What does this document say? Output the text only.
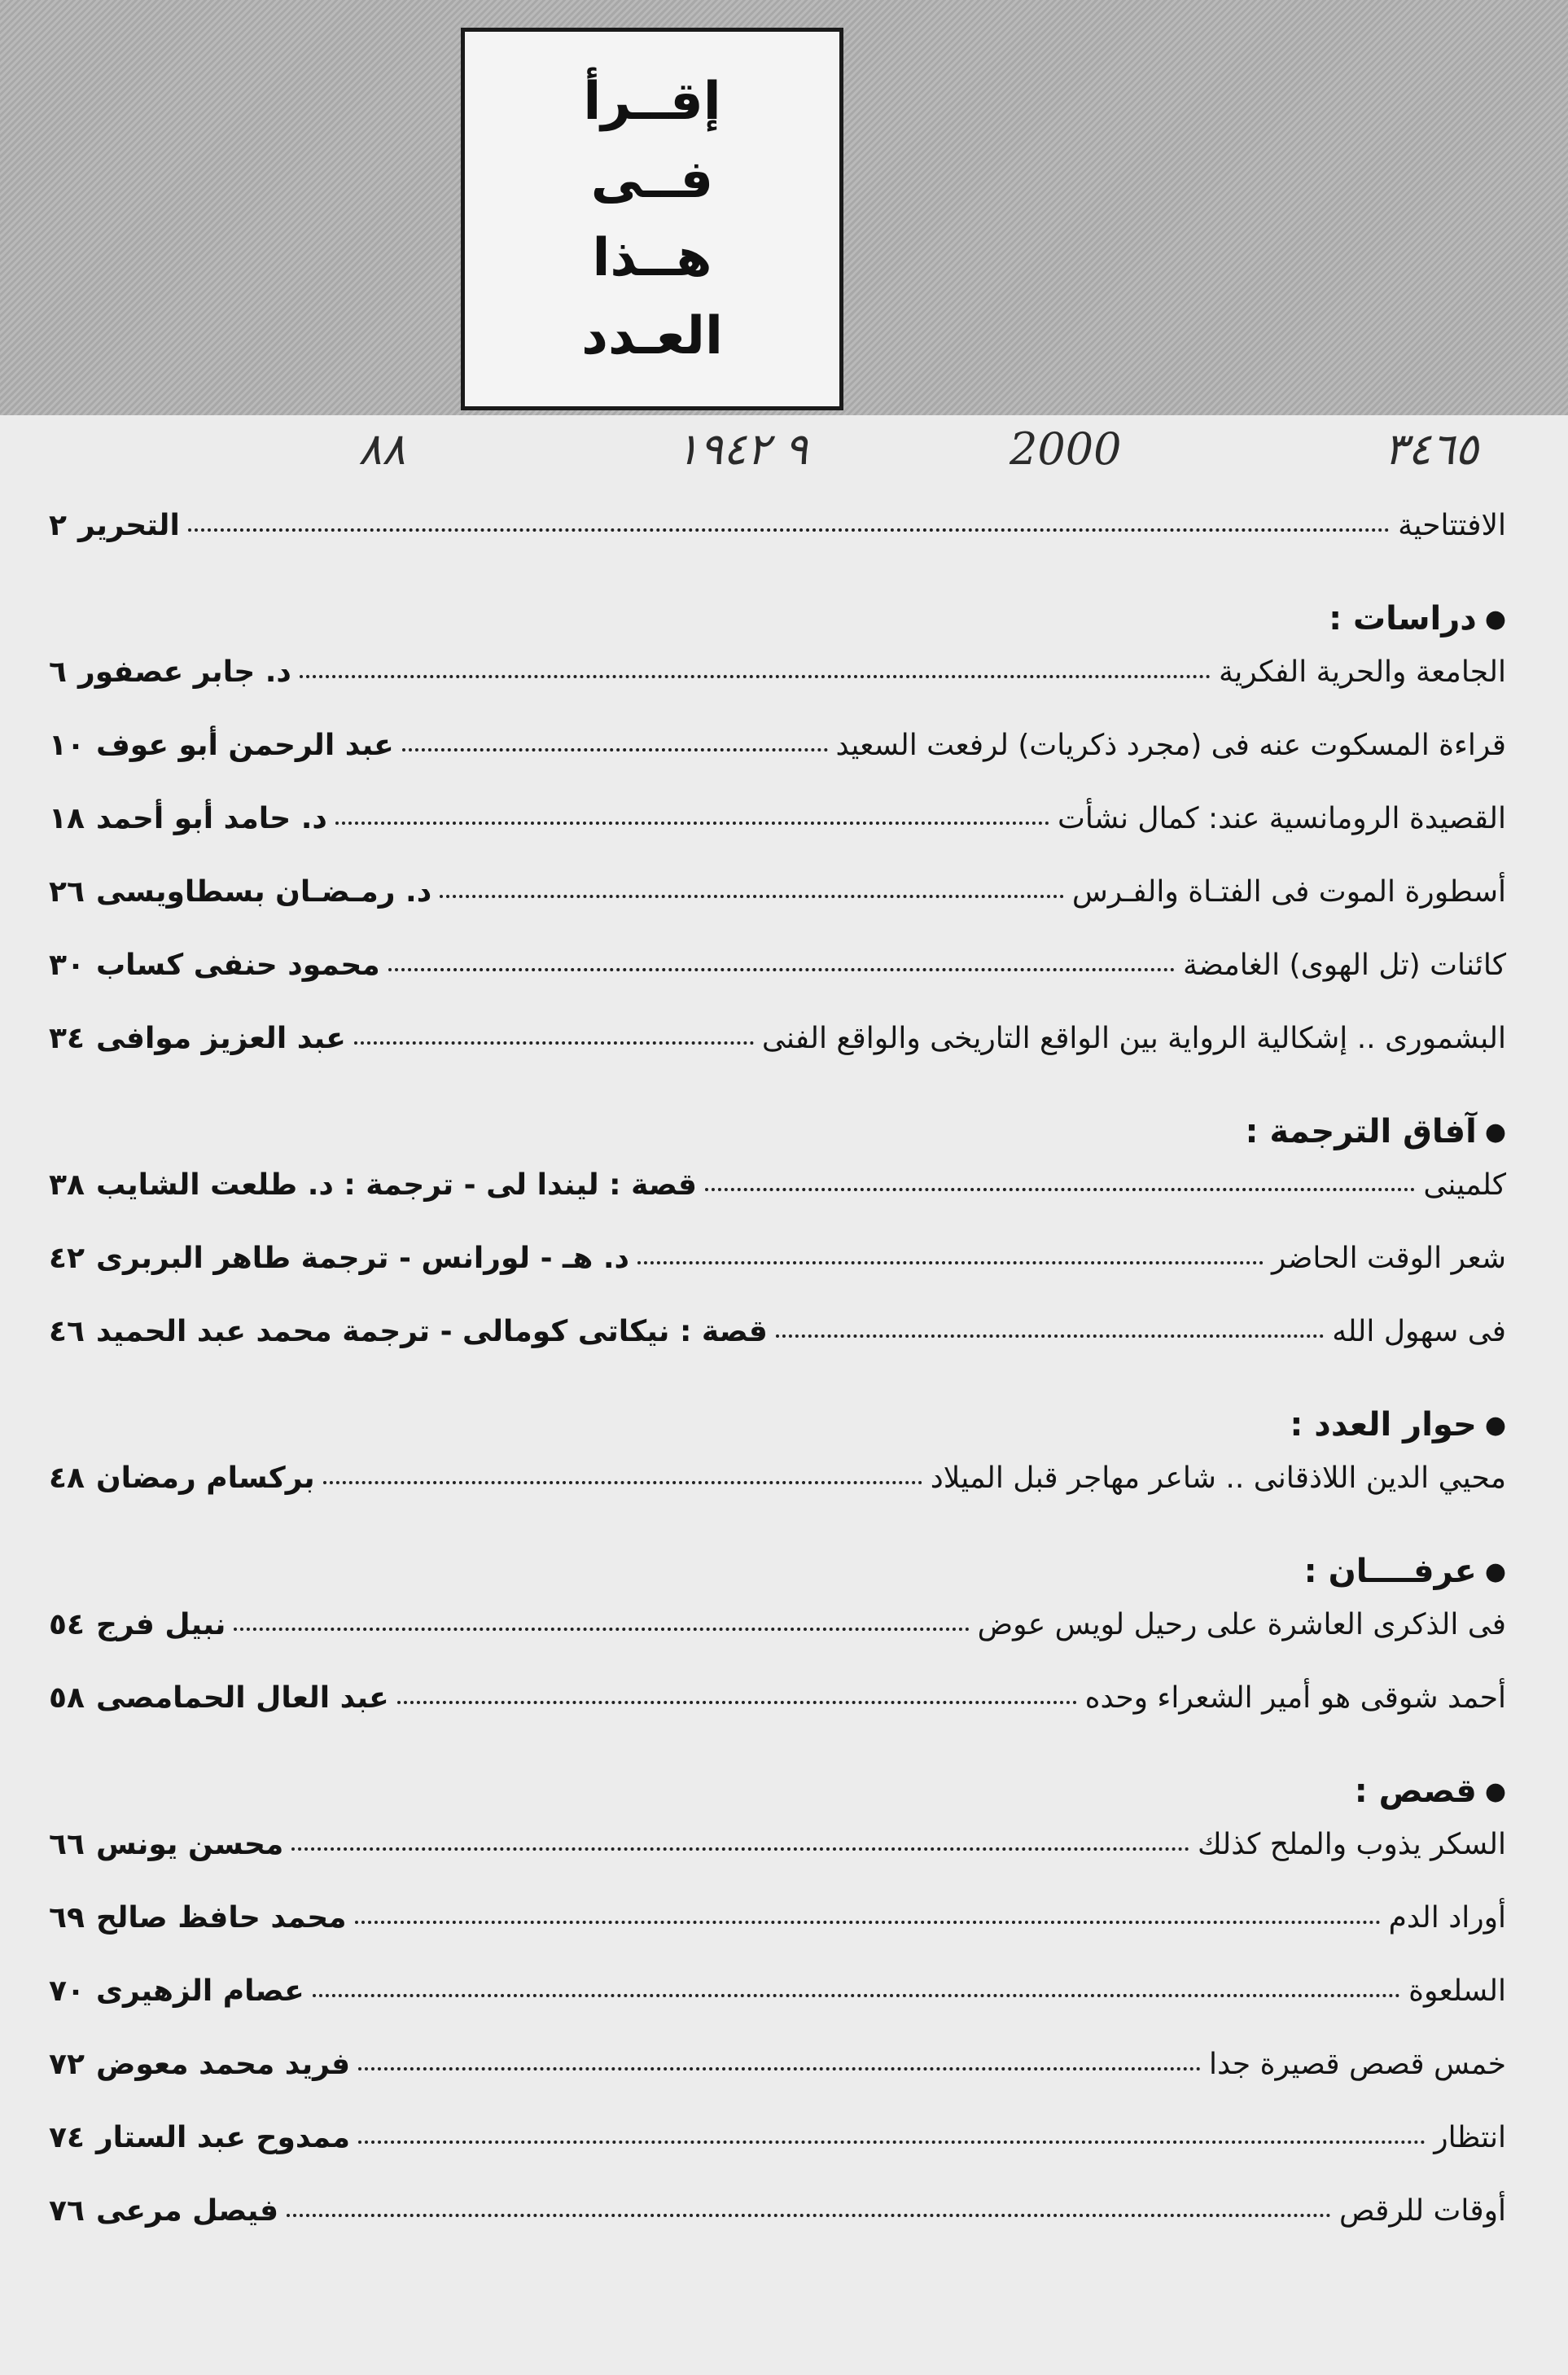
إقــرأ
فــى
هــذا
العـدد
٣٤٦٥
2000
٩ ١٩٤٢
٨٨
الافتتاحية
التحرير
٢
●
دراسات :
الجامعة والحرية الفكرية
د. جابر عصفور
٦
قراءة المسكوت عنه فى (مجرد ذكريات) لرفعت السعيد
عبد الرحمن أبو عوف
١٠
القصيدة الرومانسية عند: كمال نشأت
د. حامد أبو أحمد
١٨
أسطورة الموت فى الفتـاة والفـرس
د. رمـضـان بسطاويسى
٢٦
كائنات (تل الهوى) الغامضة
محمود حنفى كساب
٣٠
البشمورى .. إشكالية الرواية بين الواقع التاريخى والواقع الفنى
عبد العزيز موافى
٣٤
●
آفاق الترجمة :
كلمينى
قصة : ليندا لى - ترجمة : د. طلعت الشايب
٣٨
شعر الوقت الحاضر
د. هـ - لورانس - ترجمة طاهر البربرى
٤٢
فى سهول الله
قصة : نيكاتى كومالى - ترجمة محمد عبد الحميد
٤٦
●
حوار العدد :
محيي الدين اللاذقانى .. شاعر مهاجر قبل الميلاد
بركسام رمضان
٤٨
●
عرفــــان :
فى الذكرى العاشرة على رحيل لويس عوض
نبيل فرج
٥٤
أحمد شوقى هو أمير الشعراء وحده
عبد العال الحمامصى
٥٨
●
قصص :
السكر يذوب والملح كذلك
محسن يونس
٦٦
أوراد الدم
محمد حافظ صالح
٦٩
السلعوة
عصام الزهيرى
٧٠
خمس قصص قصيرة جدا
فريد محمد معوض
٧٢
انتظار
ممدوح عبد الستار
٧٤
أوقات للرقص
فيصل مرعى
٧٦
